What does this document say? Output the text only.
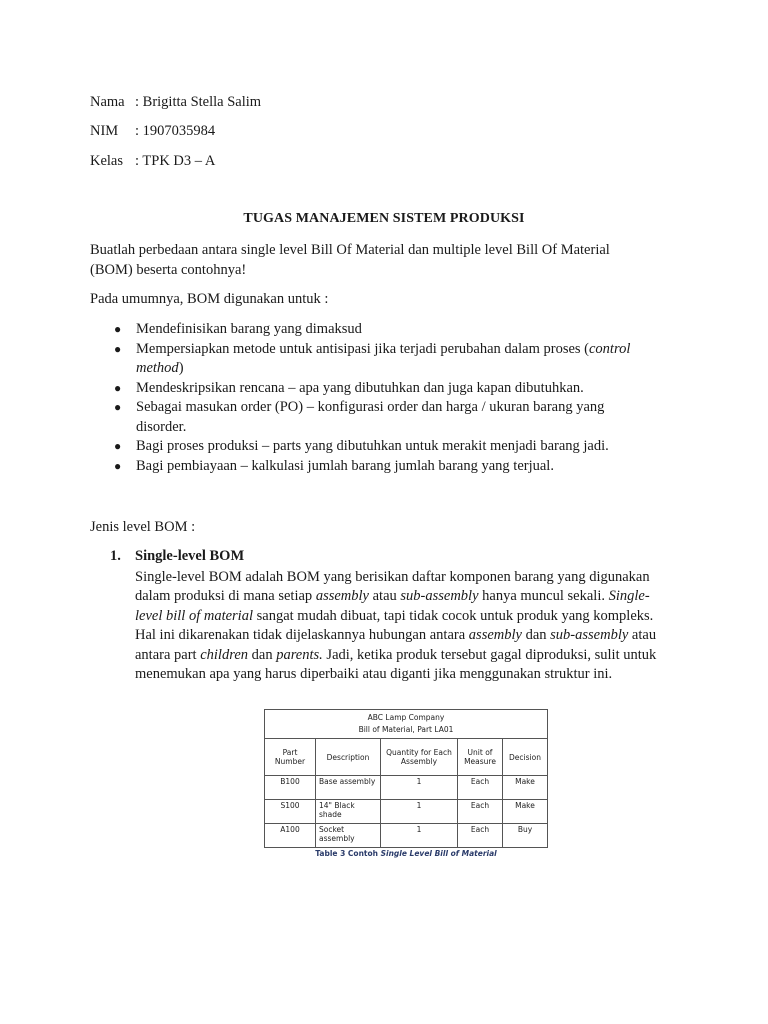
Nama : Brigitta Stella Salim
NIM : 1907035984
Kelas : TPK D3 – A
TUGAS MANAJEMEN SISTEM PRODUKSI
Buatlah perbedaan antara single level Bill Of Material dan multiple level Bill Of Material (BOM) beserta contohnya!
Pada umumnya, BOM digunakan untuk :
● Mendefinisikan barang yang dimaksud
● Mempersiapkan metode untuk antisipasi jika terjadi perubahan dalam proses (control method)
● Mendeskripsikan rencana – apa yang dibutuhkan dan juga kapan dibutuhkan.
● Sebagai masukan order (PO) – konfigurasi order dan harga / ukuran barang yang disorder.
● Bagi proses produksi – parts yang dibutuhkan untuk merakit menjadi barang jadi.
● Bagi pembiayaan – kalkulasi jumlah barang jumlah barang yang terjual.
Jenis level BOM :
1. Single-level BOM
Single-level BOM adalah BOM yang berisikan daftar komponen barang yang digunakan dalam produksi di mana setiap assembly atau sub-assembly hanya muncul sekali. Single-level bill of material sangat mudah dibuat, tapi tidak cocok untuk produk yang kompleks. Hal ini dikarenakan tidak dijelaskannya hubungan antara assembly dan sub-assembly atau antara part children dan parents. Jadi, ketika produk tersebut gagal diproduksi, sulit untuk menemukan apa yang harus diperbaiki atau diganti jika menggunakan struktur ini.
ABC Lamp Company
Bill of Material, Part LA01				

Part Number	Description	Quantity for Each Assembly	Unit of Measure	Decision
B100	Base assembly	1	Each	Make
S100	14" Black shade	1	Each	Make
A100	Socket assembly	1	Each	Buy
Table 3 Contoh Single Level Bill of Material
